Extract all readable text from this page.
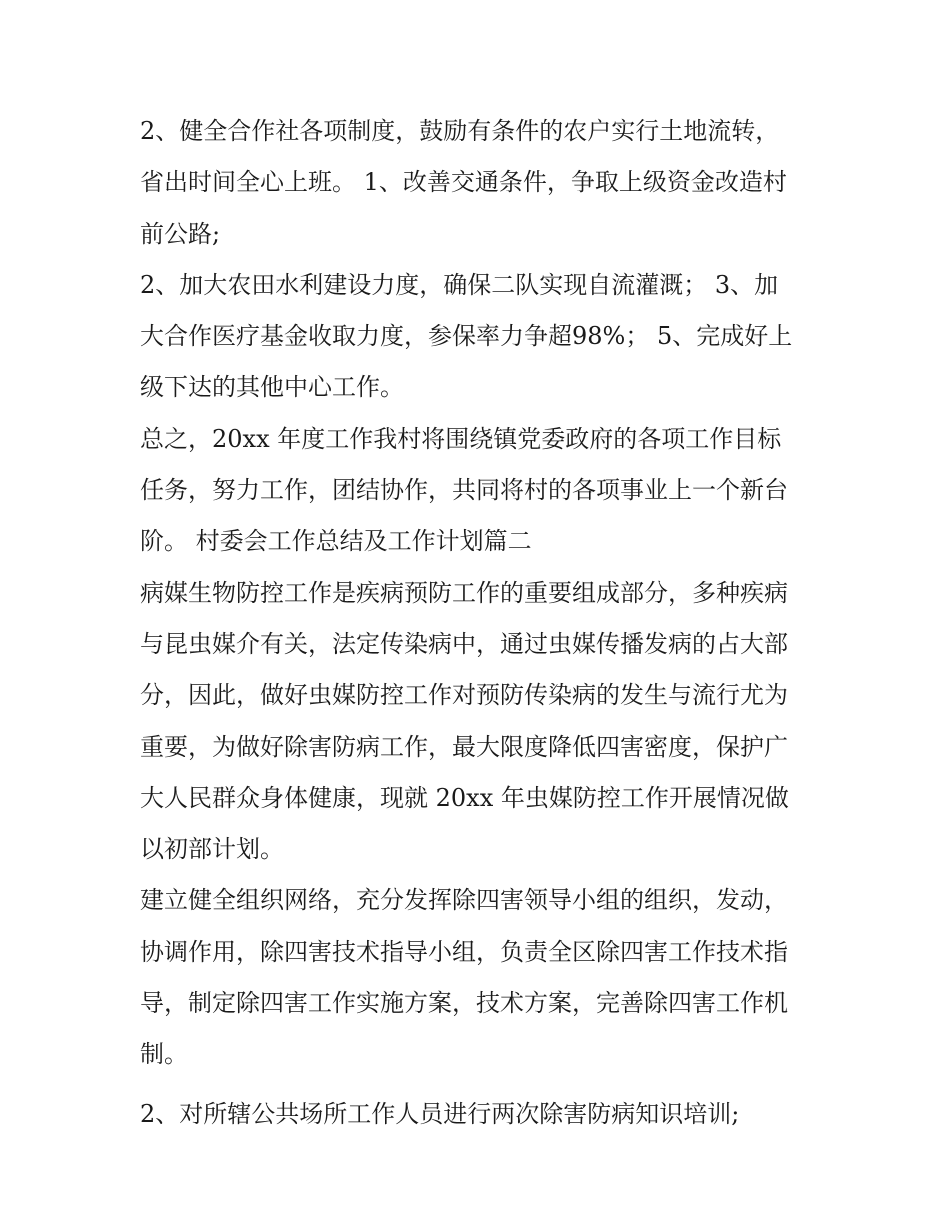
2、健全合作社各项制度，鼓励有条件的农户实行土地流转，
省出时间全心上班。 1、改善交通条件，争取上级资金改造村
前公路;
2、加大农田水利建设力度，确保二队实现自流灌溉； 3、加
大合作医疗基金收取力度，参保率力争超98%； 5、完成好上
级下达的其他中心工作。
总之，20xx 年度工作我村将围绕镇党委政府的各项工作目标
任务，努力工作，团结协作，共同将村的各项事业上一个新台
阶。 村委会工作总结及工作计划篇二
病媒生物防控工作是疾病预防工作的重要组成部分，多种疾病
与昆虫媒介有关，法定传染病中，通过虫媒传播发病的占大部
分，因此，做好虫媒防控工作对预防传染病的发生与流行尤为
重要，为做好除害防病工作，最大限度降低四害密度，保护广
大人民群众身体健康，现就 20xx 年虫媒防控工作开展情况做
以初部计划。
建立健全组织网络，充分发挥除四害领导小组的组织，发动，
协调作用，除四害技术指导小组，负责全区除四害工作技术指
导，制定除四害工作实施方案，技术方案，完善除四害工作机
制。
2、对所辖公共场所工作人员进行两次除害防病知识培训;
